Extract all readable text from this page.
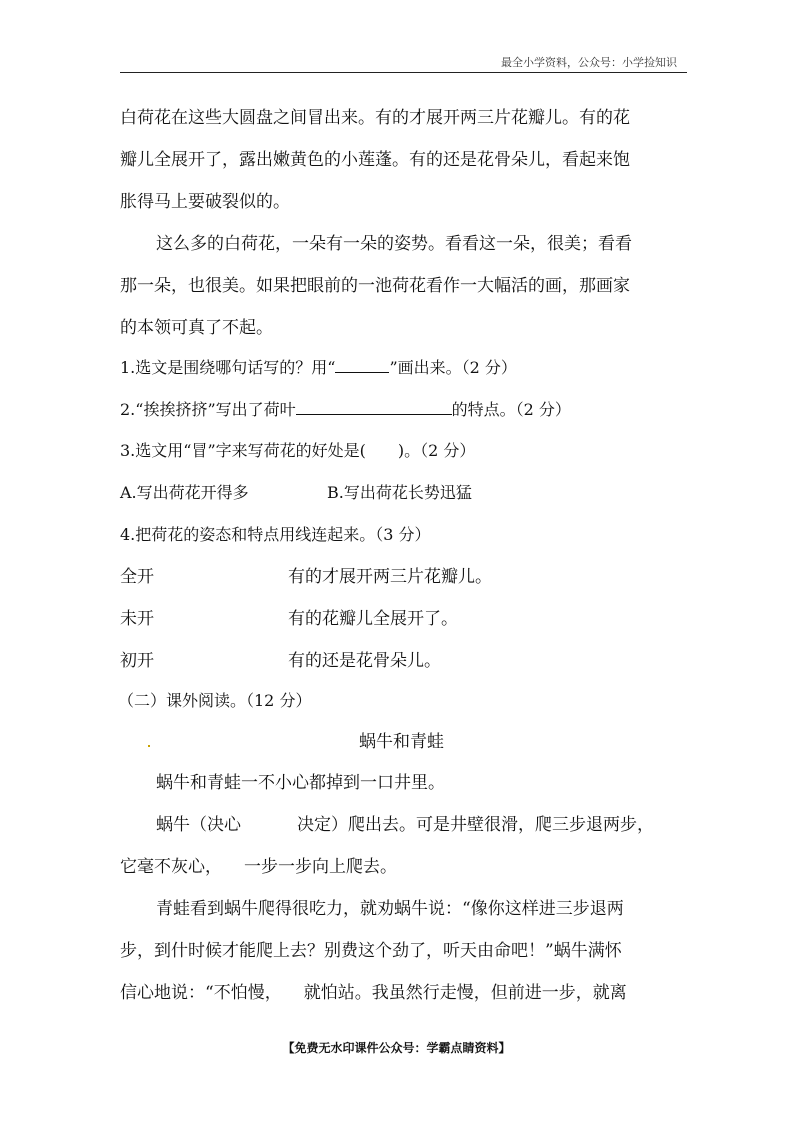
最全小学资料，公众号：小学捡知识
白荷花在这些大圆盘之间冒出来。有的才展开两三片花瓣儿。有的花
瓣儿全展开了，露出嫩黄色的小莲蓬。有的还是花骨朵儿，看起来饱
胀得马上要破裂似的。
这么多的白荷花，一朵有一朵的姿势。看看这一朵，很美；看看
那一朵，也很美。如果把眼前的一池荷花看作一大幅活的画，那画家
的本领可真了不起。
1.选文是围绕哪句话写的？用“	”画出来。（2 分）
2.“挨挨挤挤”写出了荷叶	的特点。（2 分）
3.选文用“冒”字来写荷花的好处是(　　)。（2 分）
A.写出荷花开得多	B.写出荷花长势迅猛
4.把荷花的姿态和特点用线连起来。（3 分）
全开	有的才展开两三片花瓣儿。
未开	有的花瓣儿全展开了。
初开	有的还是花骨朵儿。
（二）课外阅读。（12 分）
蜗牛和青蛙
蜗牛和青蛙一不小心都掉到一口井里。
蜗牛（决心	决定）爬出去。可是井壁很滑，爬三步退两步，
它毫不灰心， 一步一步向上爬去。
青蛙看到蜗牛爬得很吃力，就劝蜗牛说：“像你这样进三步退两
步，到什时候才能爬上去？别费这个劲了，听天由命吧！”蜗牛满怀
信心地说：“不怕慢， 就怕站。我虽然行走慢，但前进一步，就离
【免费无水印课件公众号：学霸点睛资料】
